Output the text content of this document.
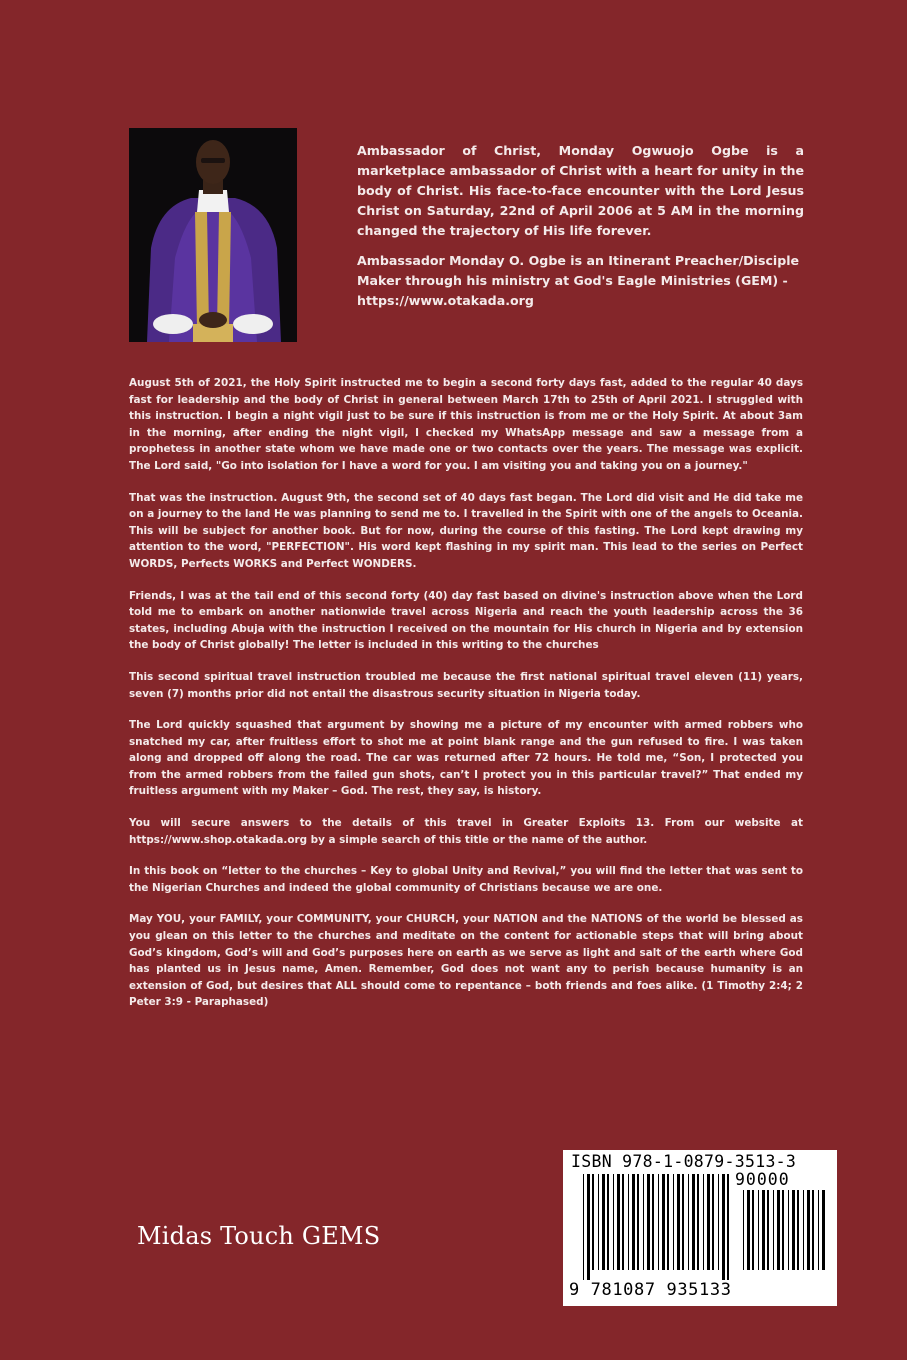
Ambassador of Christ, Monday Ogwuojo Ogbe is a marketplace ambassador of Christ with a heart for unity in the body of Christ. His face-to-face encounter with the Lord Jesus Christ on Saturday, 22nd of April 2006 at 5 AM in the morning changed the trajectory of His life forever.

Ambassador Monday O. Ogbe is an Itinerant Preacher/Disciple Maker through his ministry at God's Eagle Ministries (GEM) - https://www.otakada.org

August 5th of 2021, the Holy Spirit instructed me to begin a second forty days fast, added to the regular 40 days fast for leadership and the body of Christ in general between March 17th to 25th of April 2021. I struggled with this instruction. I begin a night vigil just to be sure if this instruction is from me or the Holy Spirit. At about 3am in the morning, after ending the night vigil, I checked my WhatsApp message and saw a message from a prophetess in another state whom we have made one or two contacts over the years. The message was explicit. The Lord said, "Go into isolation for I have a word for you. I am visiting you and taking you on a journey."

That was the instruction. August 9th, the second set of 40 days fast began. The Lord did visit and He did take me on a journey to the land He was planning to send me to. I travelled in the Spirit with one of the angels to Oceania. This will be subject for another book. But for now, during the course of this fasting. The Lord kept drawing my attention to the word, "PERFECTION". His word kept flashing in my spirit man. This lead to the series on Perfect WORDS, Perfects WORKS and Perfect WONDERS.

Friends, I was at the tail end of this second forty (40) day fast based on divine's instruction above when the Lord told me to embark on another nationwide travel across Nigeria and reach the youth leadership across the 36 states, including Abuja with the instruction I received on the mountain for His church in Nigeria and by extension the body of Christ globally! The letter is included in this writing to the churches

This second spiritual travel instruction troubled me because the first national spiritual travel eleven (11) years, seven (7) months prior did not entail the disastrous security situation in Nigeria today.

The Lord quickly squashed that argument by showing me a picture of my encounter with armed robbers who snatched my car, after fruitless effort to shot me at point blank range and the gun refused to fire. I was taken along and dropped off along the road. The car was returned after 72 hours. He told me, “Son, I protected you from the armed robbers from the failed gun shots, can’t I protect you in this particular travel?” That ended my fruitless argument with my Maker – God. The rest, they say, is history.

You will secure answers to the details of this travel in Greater Exploits 13. From our website at https://www.shop.otakada.org by a simple search of this title or the name of the author.

In this book on “letter to the churches – Key to global Unity and Revival,” you will find the letter that was sent to the Nigerian Churches and indeed the global community of Christians because we are one.

May YOU, your FAMILY, your COMMUNITY, your CHURCH, your NATION and the NATIONS of the world be blessed as you glean on this letter to the churches and meditate on the content for actionable steps that will bring about God’s kingdom, God’s will and God’s purposes here on earth as we serve as light and salt of the earth where God has planted us in Jesus name, Amen. Remember, God does not want any to perish because humanity is an extension of God, but desires that ALL should come to repentance – both friends and foes alike. (1 Timothy 2:4; 2 Peter 3:9 - Paraphased)

Midas Touch GEMS
ISBN 978-1-0879-3513-3
90000
9 781087 935133
